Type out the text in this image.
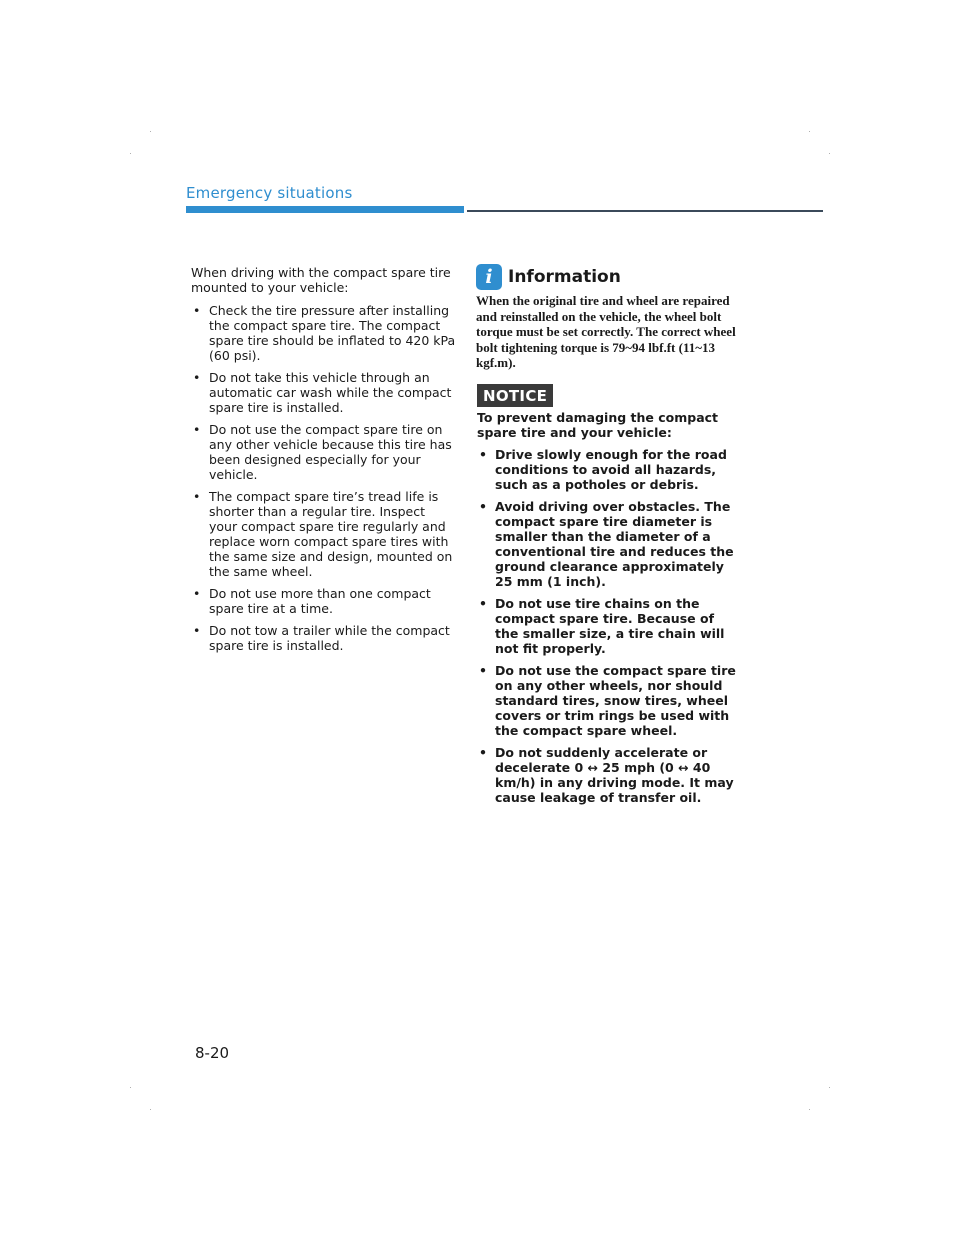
Emergency situations

When driving with the compact spare tire mounted to your vehicle:

• Check the tire pressure after installing the compact spare tire. The compact spare tire should be inflated to 420 kPa (60 psi).
• Do not take this vehicle through an automatic car wash while the compact spare tire is installed.
• Do not use the compact spare tire on any other vehicle because this tire has been designed especially for your vehicle.
• The compact spare tire’s tread life is shorter than a regular tire. Inspect your compact spare tire regularly and replace worn compact spare tires with the same size and design, mounted on the same wheel.
• Do not use more than one compact spare tire at a time.
• Do not tow a trailer while the compact spare tire is installed.
i Information
When the original tire and wheel are repaired and reinstalled on the vehicle, the wheel bolt torque must be set correctly. The correct wheel bolt tightening torque is 79~94 lbf.ft (11~13 kgf.m).
NOTICE

To prevent damaging the compact spare tire and your vehicle:

• Drive slowly enough for the road conditions to avoid all hazards, such as a potholes or debris.
• Avoid driving over obstacles. The compact spare tire diameter is smaller than the diameter of a conventional tire and reduces the ground clearance approximately 25 mm (1 inch).
• Do not use tire chains on the compact spare tire. Because of the smaller size, a tire chain will not fit properly.
• Do not use the compact spare tire on any other wheels, nor should standard tires, snow tires, wheel covers or trim rings be used with the compact spare wheel.
• Do not suddenly accelerate or decelerate 0 ↔ 25 mph (0 ↔ 40 km/h) in any driving mode. It may cause leakage of transfer oil.
8-20
